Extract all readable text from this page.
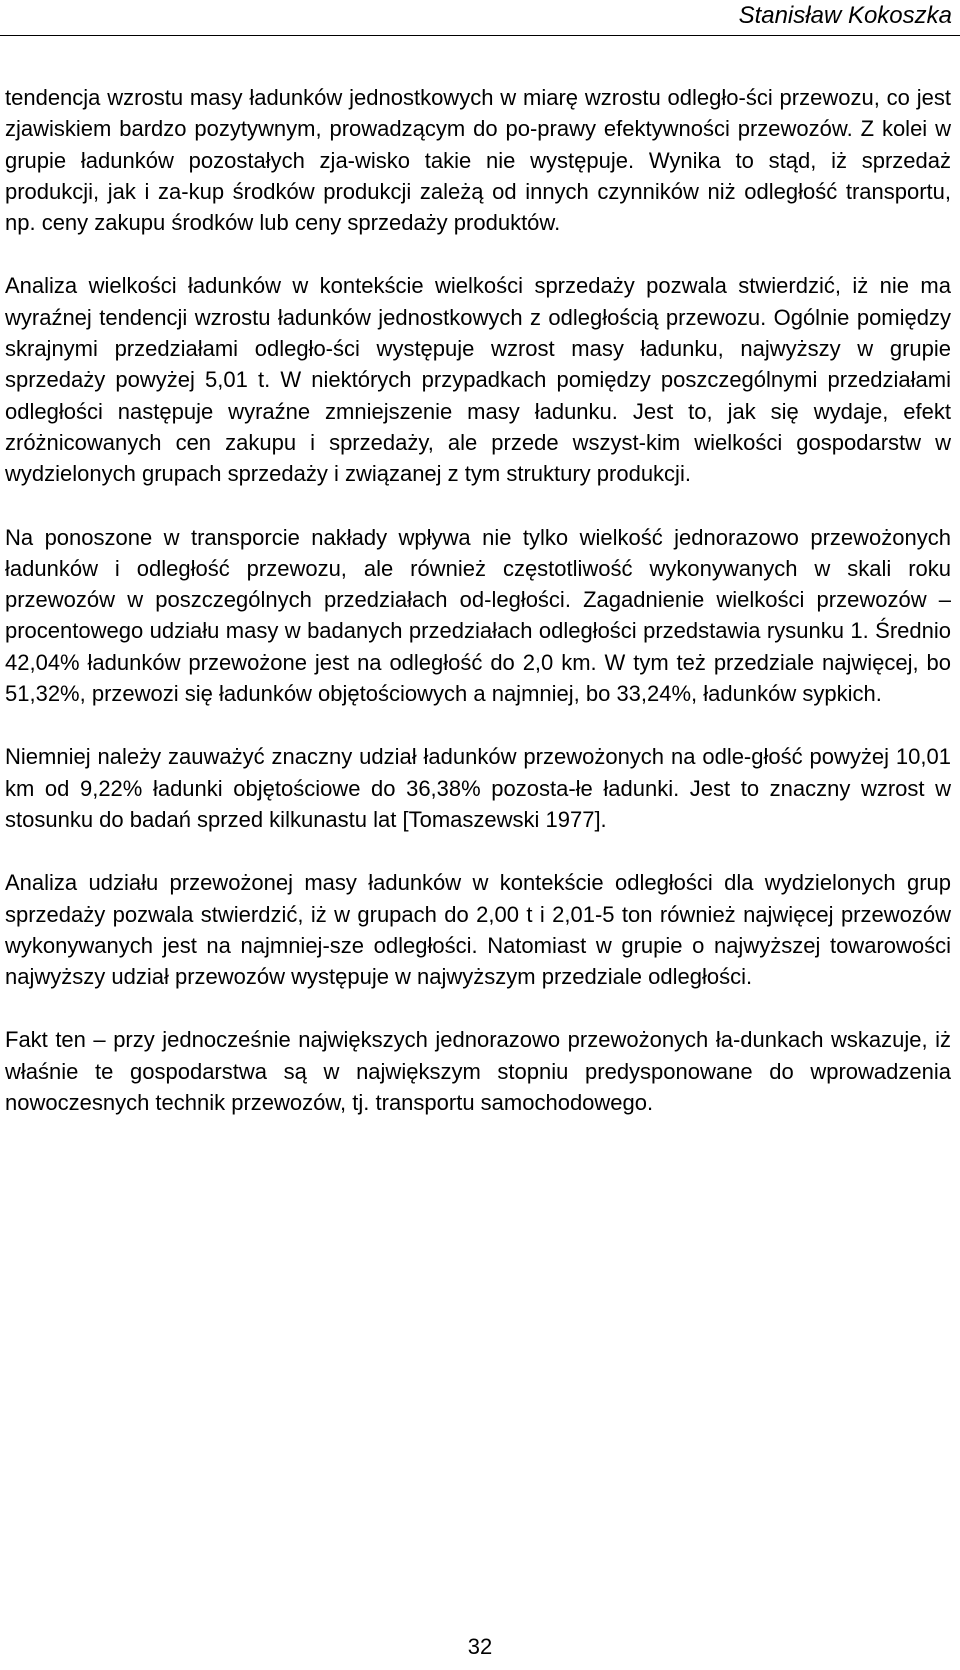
Stanisław Kokoszka

tendencja wzrostu masy ładunków jednostkowych w miarę wzrostu odległo-ści przewozu, co jest zjawiskiem bardzo pozytywnym, prowadzącym do po-prawy efektywności przewozów. Z kolei w grupie ładunków pozostałych zja-wisko takie nie występuje. Wynika to stąd, iż sprzedaż produkcji, jak i za-kup środków produkcji zależą od innych czynników niż odległość transportu, np. ceny zakupu środków lub ceny sprzedaży produktów.

Analiza wielkości ładunków w kontekście wielkości sprzedaży pozwala stwierdzić, iż nie ma wyraźnej tendencji wzrostu ładunków jednostkowych z odległością przewozu. Ogólnie pomiędzy skrajnymi przedziałami odległo-ści występuje wzrost masy ładunku, najwyższy w grupie sprzedaży powyżej 5,01 t. W niektórych przypadkach pomiędzy poszczególnymi przedziałami odległości następuje wyraźne zmniejszenie masy ładunku. Jest to, jak się wydaje, efekt zróżnicowanych cen zakupu i sprzedaży, ale przede wszyst-kim wielkości gospodarstw w wydzielonych grupach sprzedaży i związanej z tym struktury produkcji.

Na ponoszone w transporcie nakłady wpływa nie tylko wielkość jednorazowo przewożonych ładunków i odległość przewozu, ale również częstotliwość wykonywanych w skali roku przewozów w poszczególnych przedziałach od-ległości. Zagadnienie wielkości przewozów – procentowego udziału masy w badanych przedziałach odległości przedstawia rysunku 1. Średnio 42,04% ładunków przewożone jest na odległość do 2,0 km. W tym też przedziale najwięcej, bo 51,32%, przewozi się ładunków objętościowych a najmniej, bo 33,24%, ładunków sypkich.

Niemniej należy zauważyć znaczny udział ładunków przewożonych na odle-głość powyżej 10,01 km od 9,22% ładunki objętościowe do 36,38% pozosta-łe ładunki. Jest to znaczny wzrost w stosunku do badań sprzed kilkunastu lat [Tomaszewski 1977].

Analiza udziału przewożonej masy ładunków w kontekście odległości dla wydzielonych grup sprzedaży pozwala stwierdzić, iż w grupach do 2,00 t i 2,01-5 ton również najwięcej przewozów wykonywanych jest na najmniej-sze odległości. Natomiast w grupie o najwyższej towarowości najwyższy udział przewozów występuje w najwyższym przedziale odległości.

Fakt ten – przy jednocześnie największych jednorazowo przewożonych ła-dunkach wskazuje, iż właśnie te gospodarstwa są w największym stopniu predysponowane do wprowadzenia nowoczesnych technik przewozów, tj. transportu samochodowego.

32
